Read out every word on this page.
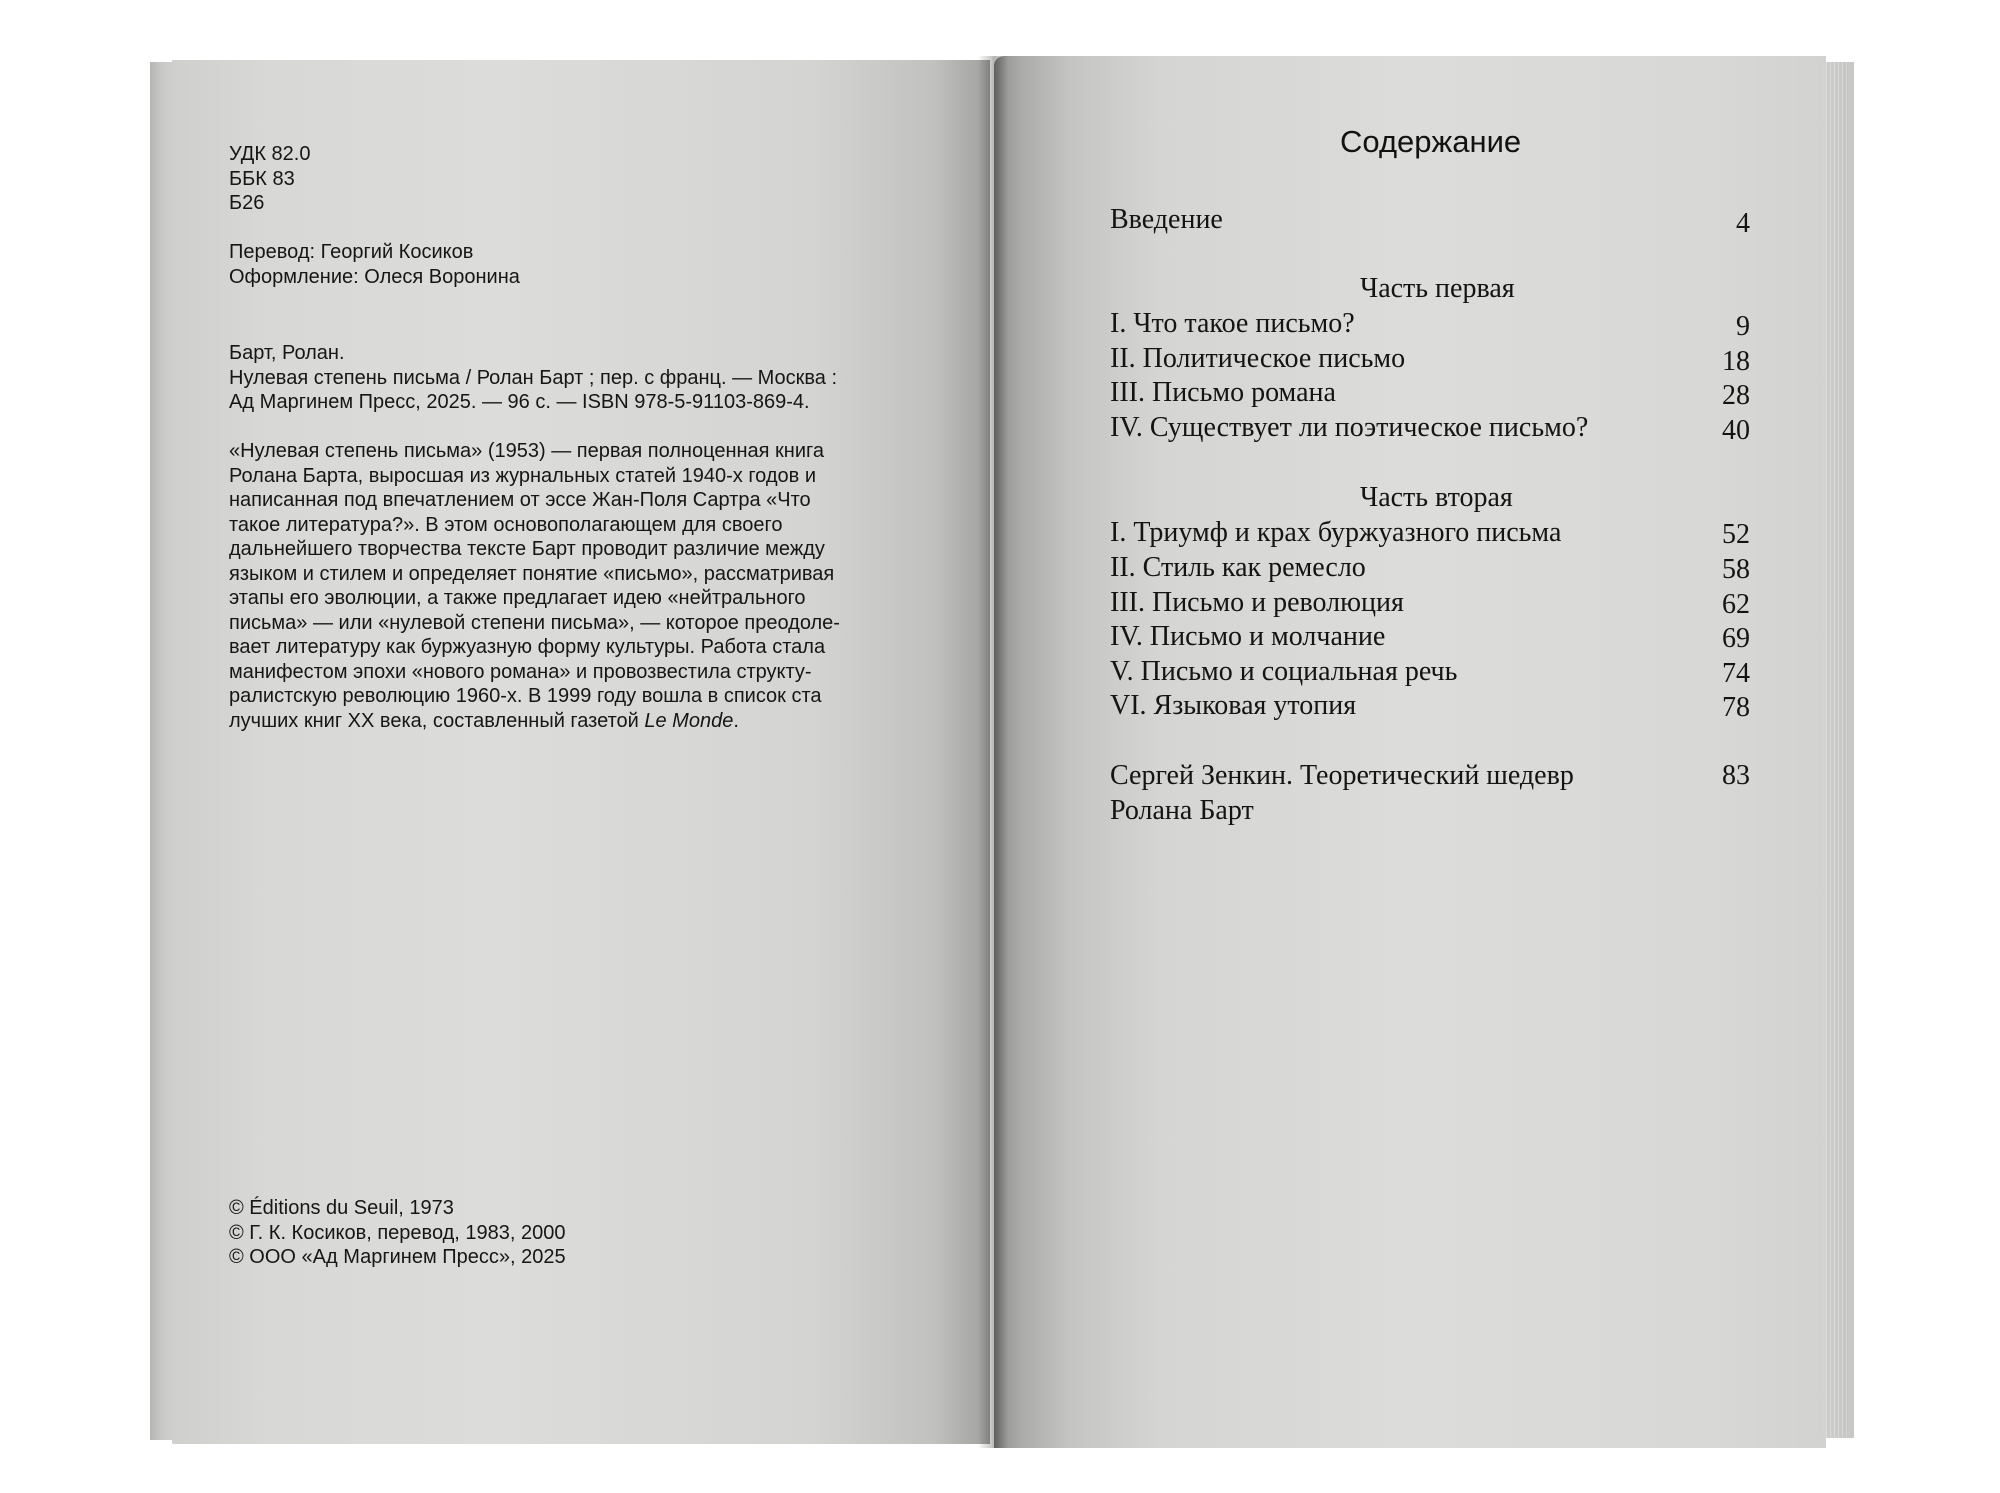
УДК 82.0
ББК 83
Б26
Перевод: Георгий Косиков
Оформление: Олеся Воронина
Барт, Ролан.
Нулевая степень письма / Ролан Барт ; пер. с франц. — Москва :
Ад Маргинем Пресс, 2025. — 96 с. — ISBN 978-5-91103-869-4.
«Нулевая степень письма» (1953) — первая полноценная книга
Ролана Барта, выросшая из журнальных статей 1940-х годов и
написанная под впечатлением от эссе Жан-Поля Сартра «Что
такое литература?». В этом основополагающем для своего
дальнейшего творчества тексте Барт проводит различие между
языком и стилем и определяет понятие «письмо», рассматривая
этапы его эволюции, а также предлагает идею «нейтрального
письма» — или «нулевой степени письма», — которое преодоле-
вает литературу как буржуазную форму культуры. Работа стала
манифестом эпохи «нового романа» и провозвестила структу-
ралистскую революцию 1960-х. В 1999 году вошла в список ста
лучших книг XX века, составленный газетой Le Monde.
© Éditions du Seuil, 1973
© Г. К. Косиков, перевод, 1983, 2000
© ООО «Ад Маргинем Пресс», 2025
Содержание
Введение	4
Часть первая
I. Что такое письмо?	9
II. Политическое письмо	18
III. Письмо романа	28
IV. Существует ли поэтическое письмо?	40
Часть вторая
I. Триумф и крах буржуазного письма	52
II. Стиль как ремесло	58
III. Письмо и революция	62
IV. Письмо и молчание	69
V. Письмо и социальная речь	74
VI. Языковая утопия	78
Сергей Зенкин. Теоретический шедевр
Ролана Барт
83
